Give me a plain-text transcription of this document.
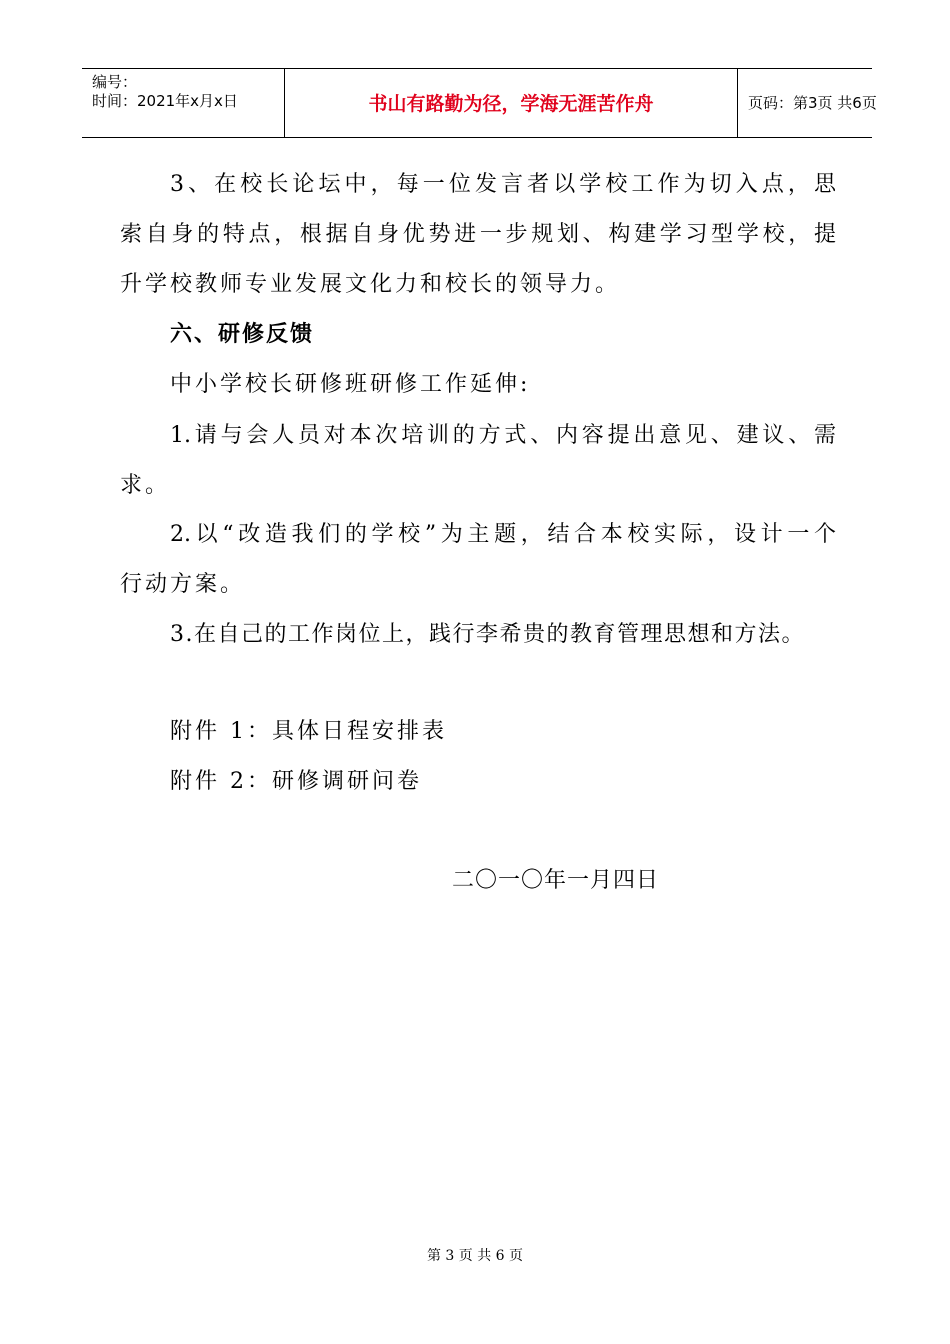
编号：
时间：2021年x月x日	书山有路勤为径，学海无涯苦作舟	页码：第3页 共6页
3、在校长论坛中，每一位发言者以学校工作为切入点，思
索自身的特点，根据自身优势进一步规划、构建学习型学校，提
升学校教师专业发展文化力和校长的领导力。
六、研修反馈
中小学校长研修班研修工作延伸:
1.请与会人员对本次培训的方式、内容提出意见、建议、需
求。
2.以“改造我们的学校”为主题，结合本校实际，设计一个
行动方案。
3.在自己的工作岗位上，践行李希贵的教育管理思想和方法。
附件 1：具体日程安排表
附件 2：研修调研问卷
二〇一〇年一月四日
第 3 页 共 6 页
